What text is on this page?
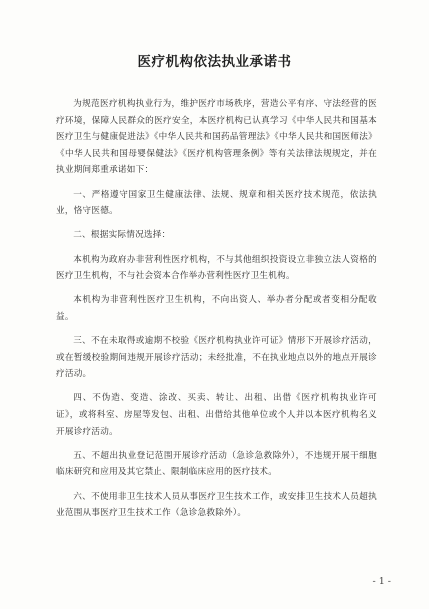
医疗机构依法执业承诺书

为规范医疗机构执业行为，维护医疗市场秩序，营造公平有序、守法经营的医疗环境，保障人民群众的医疗安全，本医疗机构已认真学习《中华人民共和国基本医疗卫生与健康促进法》《中华人民共和国药品管理法》《中华人民共和国医师法》《中华人民共和国母婴保健法》《医疗机构管理条例》等有关法律法规规定，并在执业期间郑重承诺如下：

一、严格遵守国家卫生健康法律、法规、规章和相关医疗技术规范，依法执业，恪守医德。

二、根据实际情况选择：

本机构为政府办非营利性医疗机构，不与其他组织投资设立非独立法人资格的医疗卫生机构，不与社会资本合作举办营利性医疗卫生机构。

本机构为非营利性医疗卫生机构，不向出资人、举办者分配或者变相分配收益。

三、不在未取得或逾期不校验《医疗机构执业许可证》情形下开展诊疗活动，或在暂缓校验期间违规开展诊疗活动；未经批准，不在执业地点以外的地点开展诊疗活动。

四、不伪造、变造、涂改、买卖、转让、出租、出借《医疗机构执业许可证》，或将科室、房屋等发包、出租、出借给其他单位或个人并以本医疗机构名义开展诊疗活动。

五、不超出执业登记范围开展诊疗活动（急诊急救除外），不违规开展干细胞临床研究和应用及其它禁止、限制临床应用的医疗技术。

六、不使用非卫生技术人员从事医疗卫生技术工作，或安排卫生技术人员超执业范围从事医疗卫生技术工作（急诊急救除外）。

- 1 -
